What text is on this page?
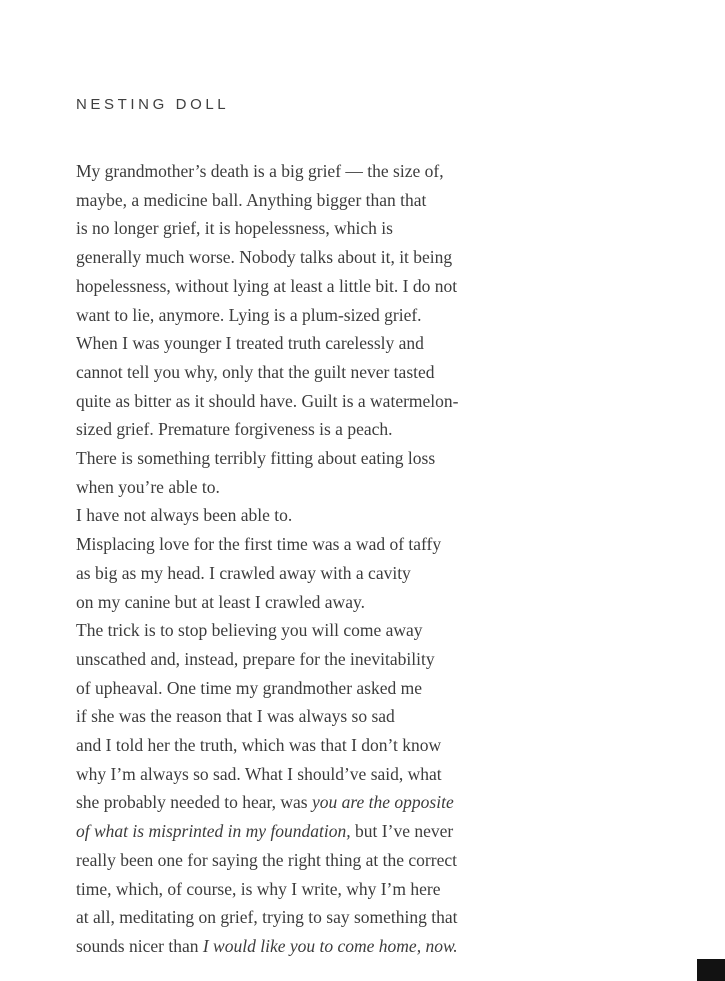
NESTING DOLL
My grandmother’s death is a big grief — the size of,
maybe, a medicine ball. Anything bigger than that
is no longer grief, it is hopelessness, which is
generally much worse. Nobody talks about it, it being
hopelessness, without lying at least a little bit. I do not
want to lie, anymore. Lying is a plum-sized grief.
When I was younger I treated truth carelessly and
cannot tell you why, only that the guilt never tasted
quite as bitter as it should have. Guilt is a watermelon-
sized grief. Premature forgiveness is a peach.
There is something terribly fitting about eating loss
when you’re able to.
I have not always been able to.
Misplacing love for the first time was a wad of taffy
as big as my head. I crawled away with a cavity
on my canine but at least I crawled away.
The trick is to stop believing you will come away
unscathed and, instead, prepare for the inevitability
of upheaval. One time my grandmother asked me
if she was the reason that I was always so sad
and I told her the truth, which was that I don’t know
why I’m always so sad. What I should’ve said, what
she probably needed to hear, was you are the opposite
of what is misprinted in my foundation, but I’ve never
really been one for saying the right thing at the correct
time, which, of course, is why I write, why I’m here
at all, meditating on grief, trying to say something that
sounds nicer than I would like you to come home, now.
